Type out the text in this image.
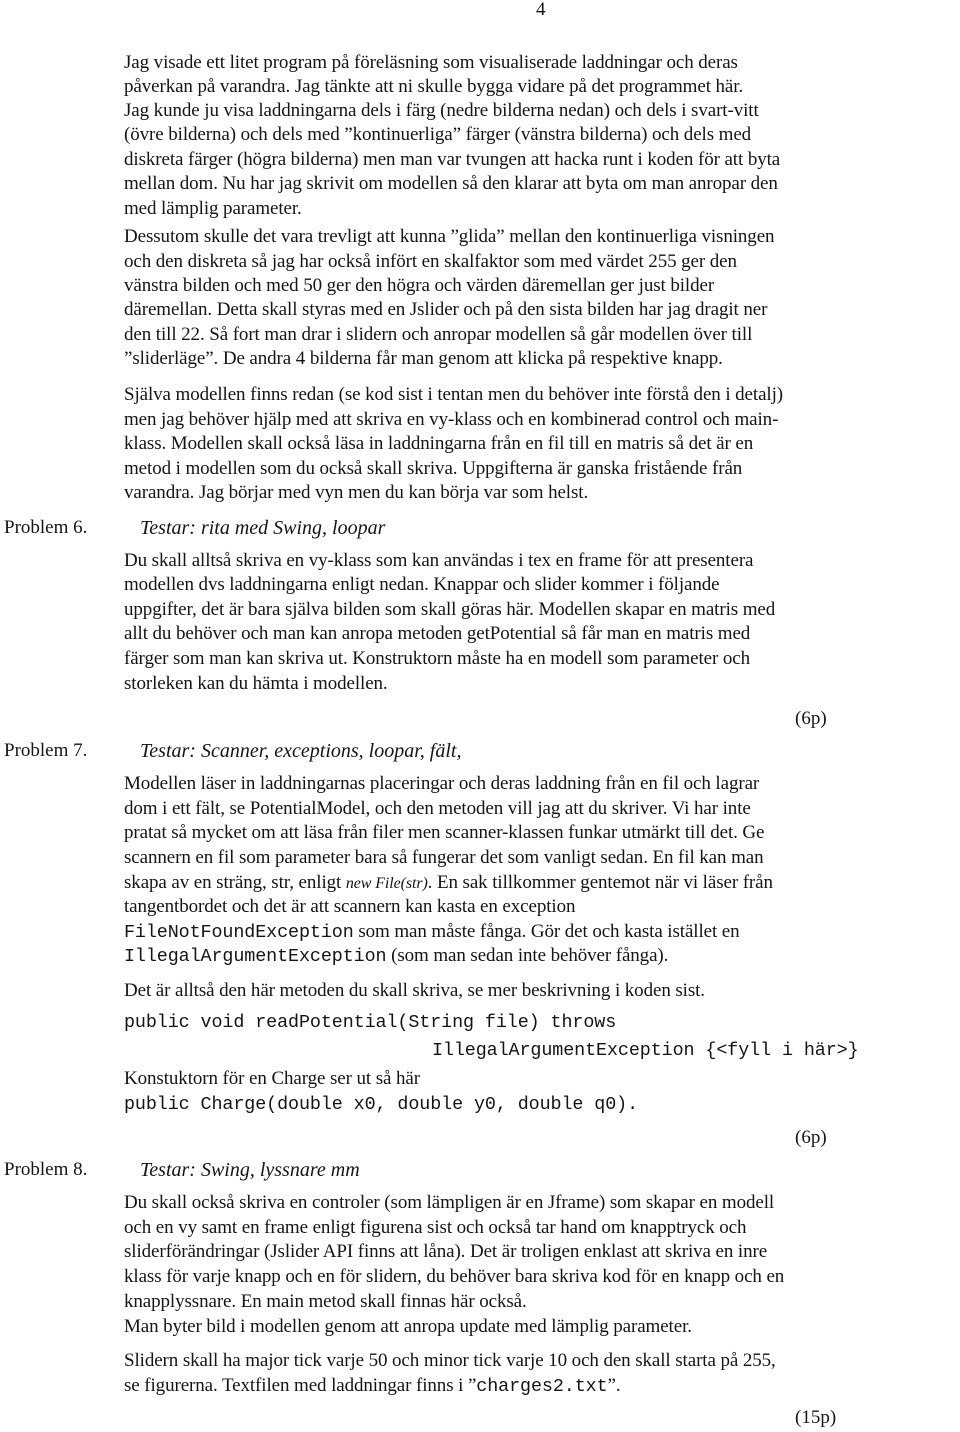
4
Jag visade ett litet program på föreläsning som visualiserade laddningar och deras
påverkan på varandra. Jag tänkte att ni skulle bygga vidare på det programmet här.
Jag kunde ju visa laddningarna dels i färg (nedre bilderna nedan) och dels i svart-vitt
(övre bilderna) och dels med ”kontinuerliga” färger (vänstra bilderna) och dels med
diskreta färger (högra bilderna) men man var tvungen att hacka runt i koden för att byta
mellan dom. Nu har jag skrivit om modellen så den klarar att byta om man anropar den
med lämplig parameter.
Dessutom skulle det vara trevligt att kunna ”glida” mellan den kontinuerliga visningen
och den diskreta så jag har också infört en skalfaktor som med värdet 255 ger den
vänstra bilden och med 50 ger den högra och värden däremellan ger just bilder
däremellan. Detta skall styras med en Jslider och på den sista bilden har jag dragit ner
den till 22. Så fort man drar i slidern och anropar modellen så går modellen över till
”sliderläge”. De andra 4 bilderna får man genom att klicka på respektive knapp.
Själva modellen finns redan (se kod sist i tentan men du behöver inte förstå den i detalj)
men jag behöver hjälp med att skriva en vy-klass och en kombinerad control och main-
klass. Modellen skall också läsa in laddningarna från en fil till en matris så det är en
metod i modellen som du också skall skriva. Uppgifterna är ganska fristående från
varandra. Jag börjar med vyn men du kan börja var som helst.
Problem 6.	Testar: rita med Swing, loopar
Du skall alltså skriva en vy-klass som kan användas i tex en frame för att presentera
modellen dvs laddningarna enligt nedan. Knappar och slider kommer i följande
uppgifter, det är bara själva bilden som skall göras här. Modellen skapar en matris med
allt du behöver och man kan anropa metoden getPotential så får man en matris med
färger som man kan skriva ut. Konstruktorn måste ha en modell som parameter och
storleken kan du hämta i modellen.
(6p)
Problem 7.	Testar: Scanner, exceptions, loopar, fält,
Modellen läser in laddningarnas placeringar och deras laddning från en fil och lagrar
dom i ett fält, se PotentialModel, och den metoden vill jag att du skriver. Vi har inte
pratat så mycket om att läsa från filer men scanner-klassen funkar utmärkt till det. Ge
scannern en fil som parameter bara så fungerar det som vanligt sedan. En fil kan man
skapa av en sträng, str, enligt new File(str). En sak tillkommer gentemot när vi läser från
tangentbordet och det är att scannern kan kasta en exception
FileNotFoundException som man måste fånga. Gör det och kasta istället en
IllegalArgumentException (som man sedan inte behöver fånga).
Det är alltså den här metoden du skall skriva, se mer beskrivning i koden sist.
public void readPotential(String file) throws
IllegalArgumentException {<fyll i här>}
Konstuktorn för en Charge ser ut så här
public Charge(double x0, double y0, double q0).
(6p)
Problem 8.	Testar: Swing, lyssnare mm
Du skall också skriva en controler (som lämpligen är en Jframe) som skapar en modell
och en vy samt en frame enligt figurena sist och också tar hand om knapptryck och
sliderförändringar (Jslider API finns att låna). Det är troligen enklast att skriva en inre
klass för varje knapp och en för slidern, du behöver bara skriva kod för en knapp och en
knapplyssnare. En main metod skall finnas här också.
Man byter bild i modellen genom att anropa update med lämplig parameter.
Slidern skall ha major tick varje 50 och minor tick varje 10 och den skall starta på 255,
se figurerna. Textfilen med laddningar finns i ”charges2.txt”.
(15p)
